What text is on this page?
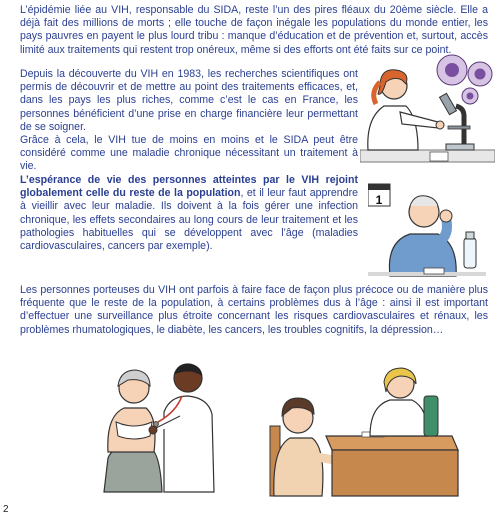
L’épidémie liée au VIH, responsable du SIDA, reste l’un des pires fléaux du 20ème siècle. Elle a déjà fait des millions de morts ; elle touche de façon inégale les populations du monde entier, les pays pauvres en payent le plus lourd tribu : manque d’éducation et de prévention et, surtout, accès limité aux traitements qui restent trop onéreux, même si des efforts ont été faits sur ce point.

Depuis la découverte du VIH en 1983, les recherches scientifiques ont permis de découvrir et de mettre au point des traitements efficaces, et, dans les pays les plus riches, comme c’est le cas en France, les personnes bénéficient d’une prise en charge financière leur permettant de se soigner.
Grâce à cela, le VIH tue de moins en moins et le SIDA peut être considéré comme une maladie chronique nécessitant un traitement à vie.

L’espérance de vie des personnes atteintes par le VIH rejoint globalement celle du reste de la population, et il leur faut apprendre à vieillir avec leur maladie. Ils doivent à la fois gérer une infection chronique, les effets secondaires au long cours de leur traitement et les pathologies habituelles qui se développent avec l’âge (maladies cardiovasculaires, cancers par exemple).

Les personnes porteuses du VIH ont parfois à faire face de façon plus précoce ou de manière plus fréquente que le reste de la population, à certains problèmes dus à l’âge : ainsi il est important d’effectuer une surveillance plus étroite concernant les risques cardiovasculaires et rénaux, les problèmes rhumatologiques, le diabète, les cancers, les troubles cognitifs, la dépression…

1
2
